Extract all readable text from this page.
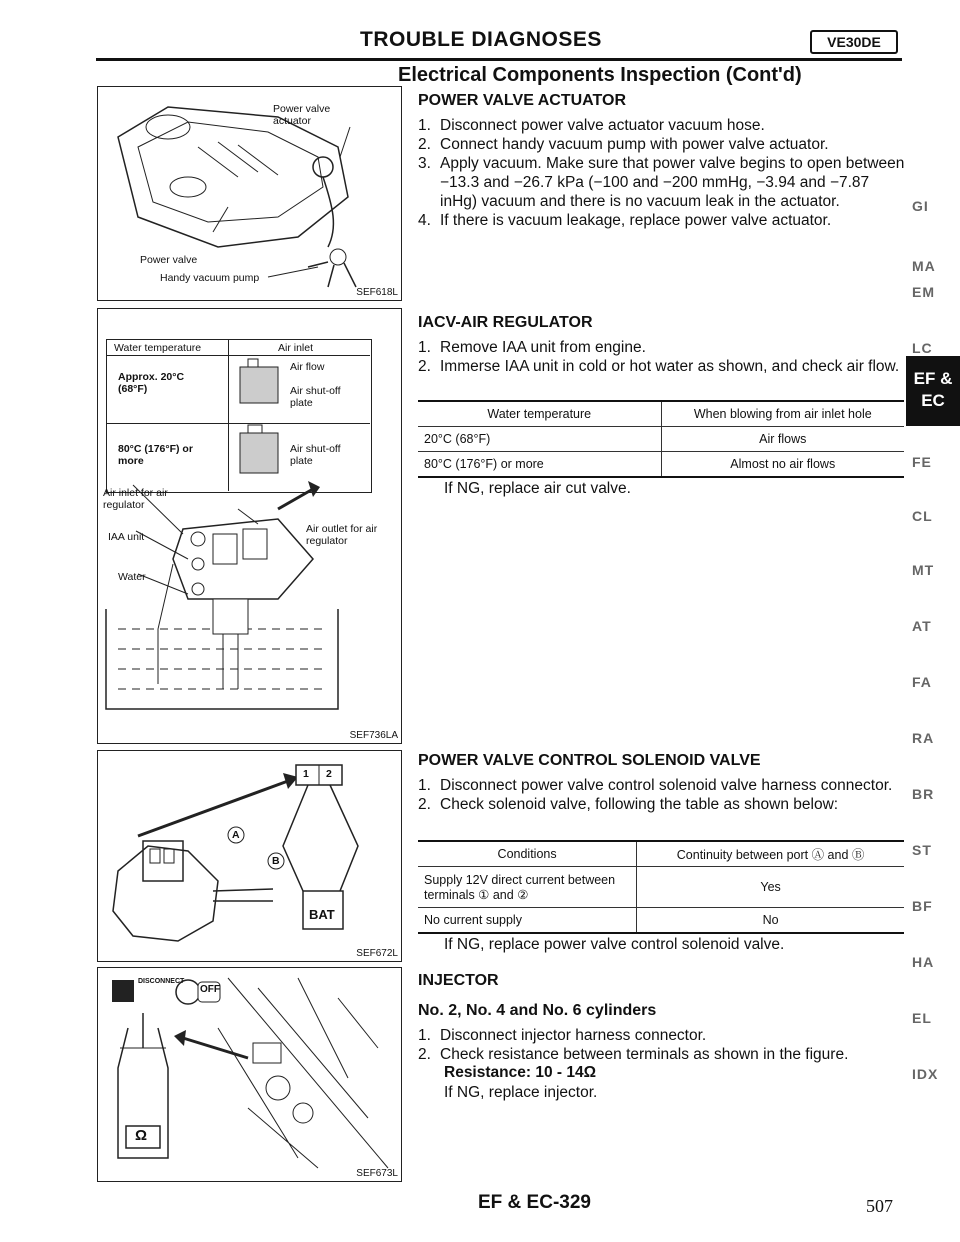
TROUBLE DIAGNOSES	VE30DE
Electrical Components Inspection (Cont'd)
Power valve actuator
Power valve
Handy vacuum pump
SEF618L
Water temperature	Air inlet
Approx. 20°C (68°F)
Air flow
Air shut-off plate
80°C (176°F) or more
Air shut-off plate
Air inlet for air regulator
IAA unit
Water
Air outlet for air regulator
SEF736LA
A
B
1 2
BAT
SEF672L
DISCONNECT
OFF
Ω
SEF673L
POWER VALVE ACTUATOR
1. Disconnect power valve actuator vacuum hose.
2. Connect handy vacuum pump with power valve actuator.
3. Apply vacuum. Make sure that power valve begins to open between −13.3 and −26.7 kPa (−100 and −200 mmHg, −3.94 and −7.87 inHg) vacuum and there is no vacuum leak in the actuator.
4. If there is vacuum leakage, replace power valve actuator.
IACV-AIR REGULATOR
1. Remove IAA unit from engine.
2. Immerse IAA unit in cold or hot water as shown, and check air flow.
Water temperature	When blowing from air inlet hole
20°C (68°F)	Air flows
80°C (176°F) or more	Almost no air flows
If NG, replace air cut valve.
POWER VALVE CONTROL SOLENOID VALVE
1. Disconnect power valve control solenoid valve harness connector.
2. Check solenoid valve, following the table as shown below:
Conditions	Continuity between port Ⓐ and Ⓑ
Supply 12V direct current between terminals ① and ②	Yes
No current supply	No
If NG, replace power valve control solenoid valve.
INJECTOR
No. 2, No. 4 and No. 6 cylinders
1. Disconnect injector harness connector.
2. Check resistance between terminals as shown in the figure.
Resistance: 10 - 14Ω
If NG, replace injector.
GI
MA
EM
LC
EF &
EC
FE
CL
MT
AT
FA
RA
BR
ST
BF
HA
EL
IDX
EF & EC-329	507
